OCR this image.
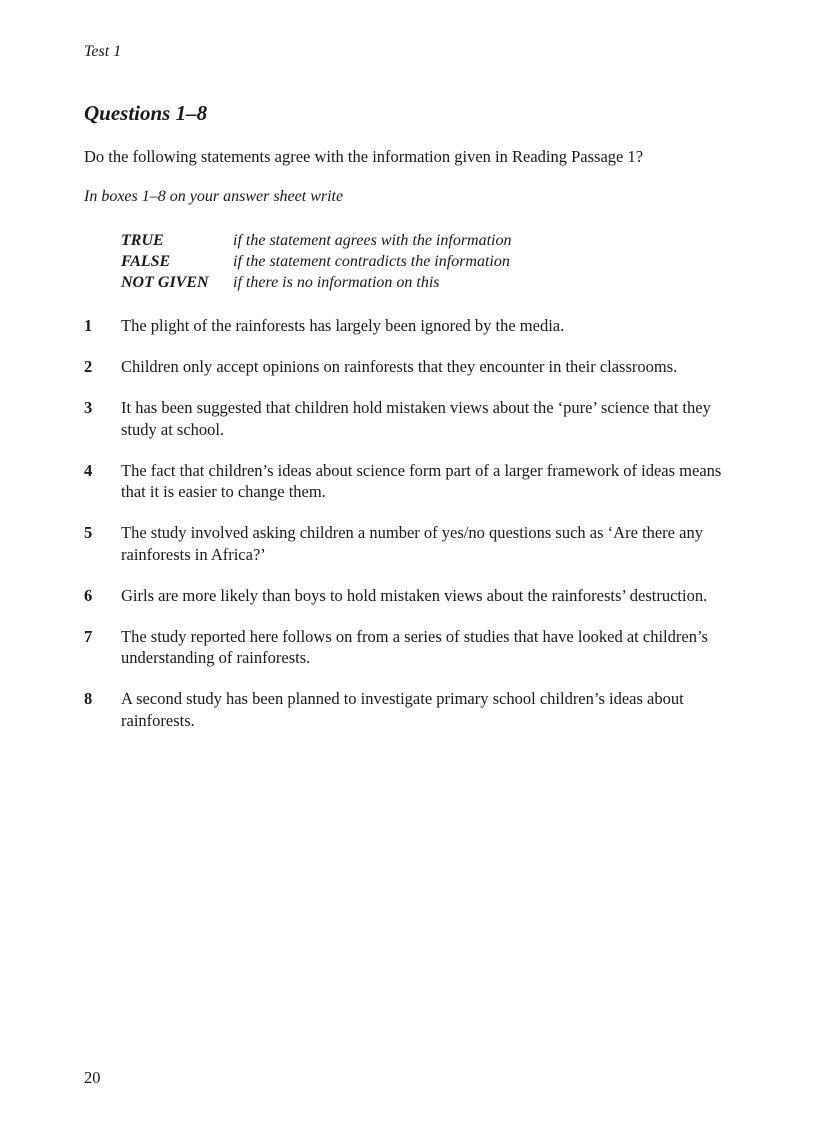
Test 1
Questions 1–8
Do the following statements agree with the information given in Reading Passage 1?
In boxes 1–8 on your answer sheet write
TRUE	if the statement agrees with the information
FALSE	if the statement contradicts the information
NOT GIVEN	if there is no information on this
1	The plight of the rainforests has largely been ignored by the media.
2	Children only accept opinions on rainforests that they encounter in their classrooms.
3	It has been suggested that children hold mistaken views about the ‘pure’ science that they study at school.
4	The fact that children’s ideas about science form part of a larger framework of ideas means that it is easier to change them.
5	The study involved asking children a number of yes/no questions such as ‘Are there any rainforests in Africa?’
6	Girls are more likely than boys to hold mistaken views about the rainforests’ destruction.
7	The study reported here follows on from a series of studies that have looked at children’s understanding of rainforests.
8	A second study has been planned to investigate primary school children’s ideas about rainforests.
20
